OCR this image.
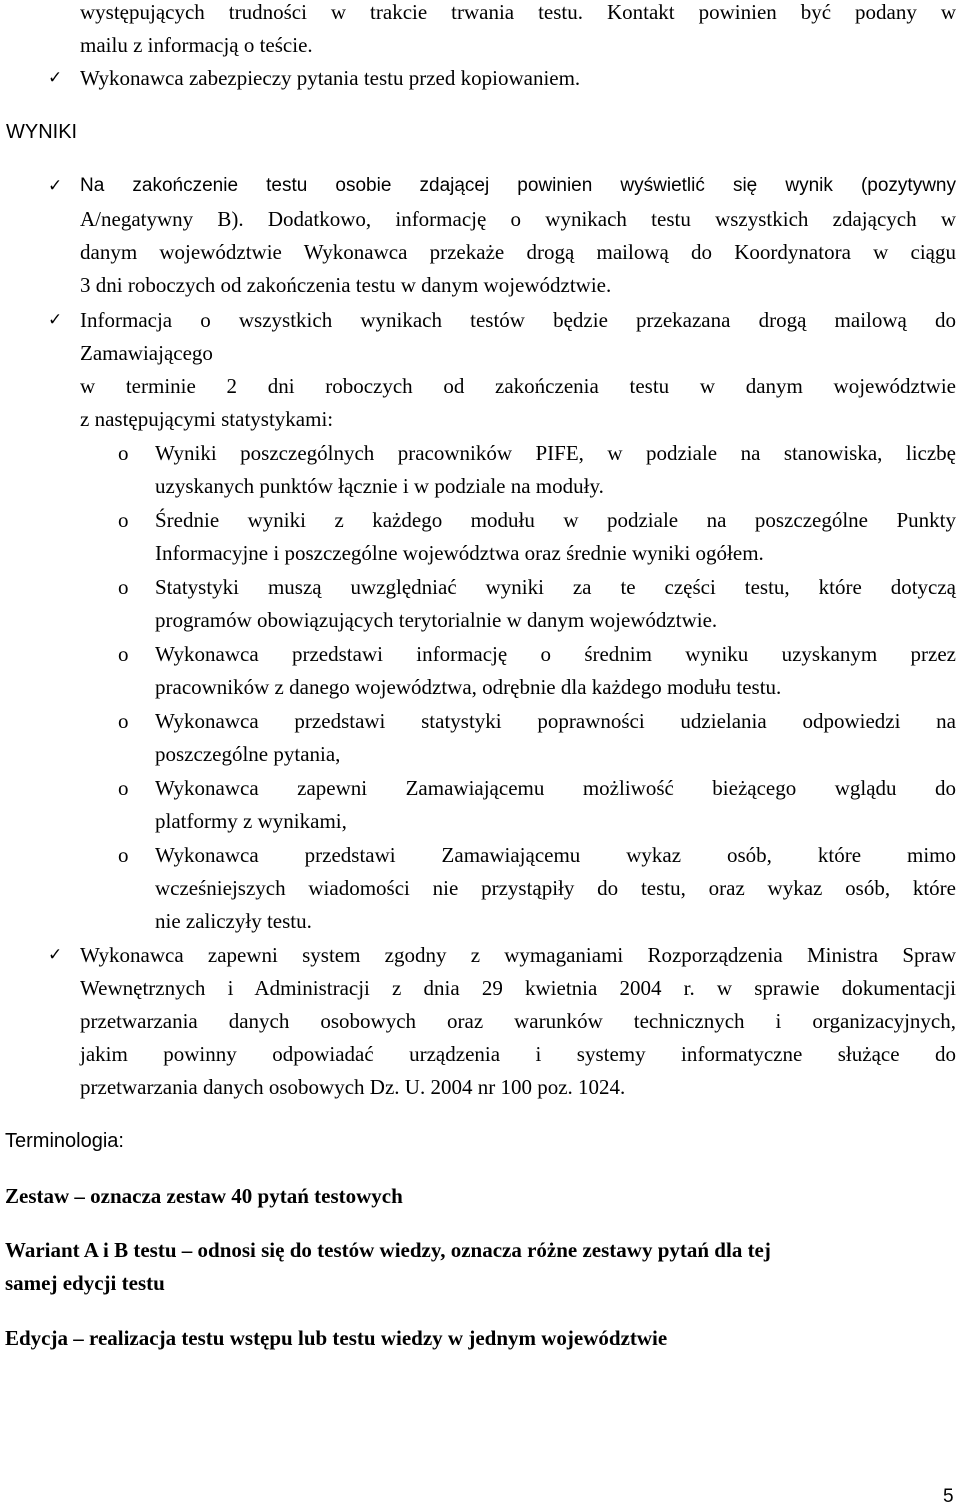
występujących trudności w trakcie trwania testu. Kontakt powinien być podany w
mailu z informacją o teście.
✓ Wykonawca zabezpieczy pytania testu przed kopiowaniem.
WYNIKI
✓ Na zakończenie testu osobie zdającej powinien wyświetlić się wynik (pozytywny
A/negatywny B). Dodatkowo, informację o wynikach testu wszystkich zdających w
danym województwie Wykonawca przekaże drogą mailową do Koordynatora w ciągu
3 dni roboczych od zakończenia testu w danym województwie.
✓ Informacja o wszystkich wynikach testów będzie przekazana drogą mailową do
Zamawiającego
w terminie 2 dni roboczych od zakończenia testu w danym województwie
z następującymi statystykami:
o Wyniki poszczególnych pracowników PIFE, w podziale na stanowiska, liczbę
uzyskanych punktów łącznie i w podziale na moduły.
o Średnie wyniki z każdego modułu w podziale na poszczególne Punkty
Informacyjne i poszczególne województwa oraz średnie wyniki ogółem.
o Statystyki muszą uwzględniać wyniki za te części testu, które dotyczą
programów obowiązujących terytorialnie w danym województwie.
o Wykonawca przedstawi informację o średnim wyniku uzyskanym przez
pracowników z danego województwa, odrębnie dla każdego modułu testu.
o Wykonawca przedstawi statystyki poprawności udzielania odpowiedzi na
poszczególne pytania,
o Wykonawca zapewni Zamawiającemu możliwość bieżącego wglądu do
platformy z wynikami,
o Wykonawca przedstawi Zamawiającemu wykaz osób, które mimo
wcześniejszych wiadomości nie przystąpiły do testu, oraz wykaz osób, które
nie zaliczyły testu.
✓ Wykonawca zapewni system zgodny z wymaganiami Rozporządzenia Ministra Spraw
Wewnętrznych i Administracji z dnia 29 kwietnia 2004 r. w sprawie dokumentacji
przetwarzania danych osobowych oraz warunków technicznych i organizacyjnych,
jakim powinny odpowiadać urządzenia i systemy informatyczne służące do
przetwarzania danych osobowych Dz. U. 2004 nr 100 poz. 1024.
Terminologia:
Zestaw – oznacza zestaw 40 pytań testowych
Wariant A i B testu – odnosi się do testów wiedzy, oznacza różne zestawy pytań dla tej
samej edycji testu
Edycja – realizacja testu wstępu lub testu wiedzy w jednym województwie
5
